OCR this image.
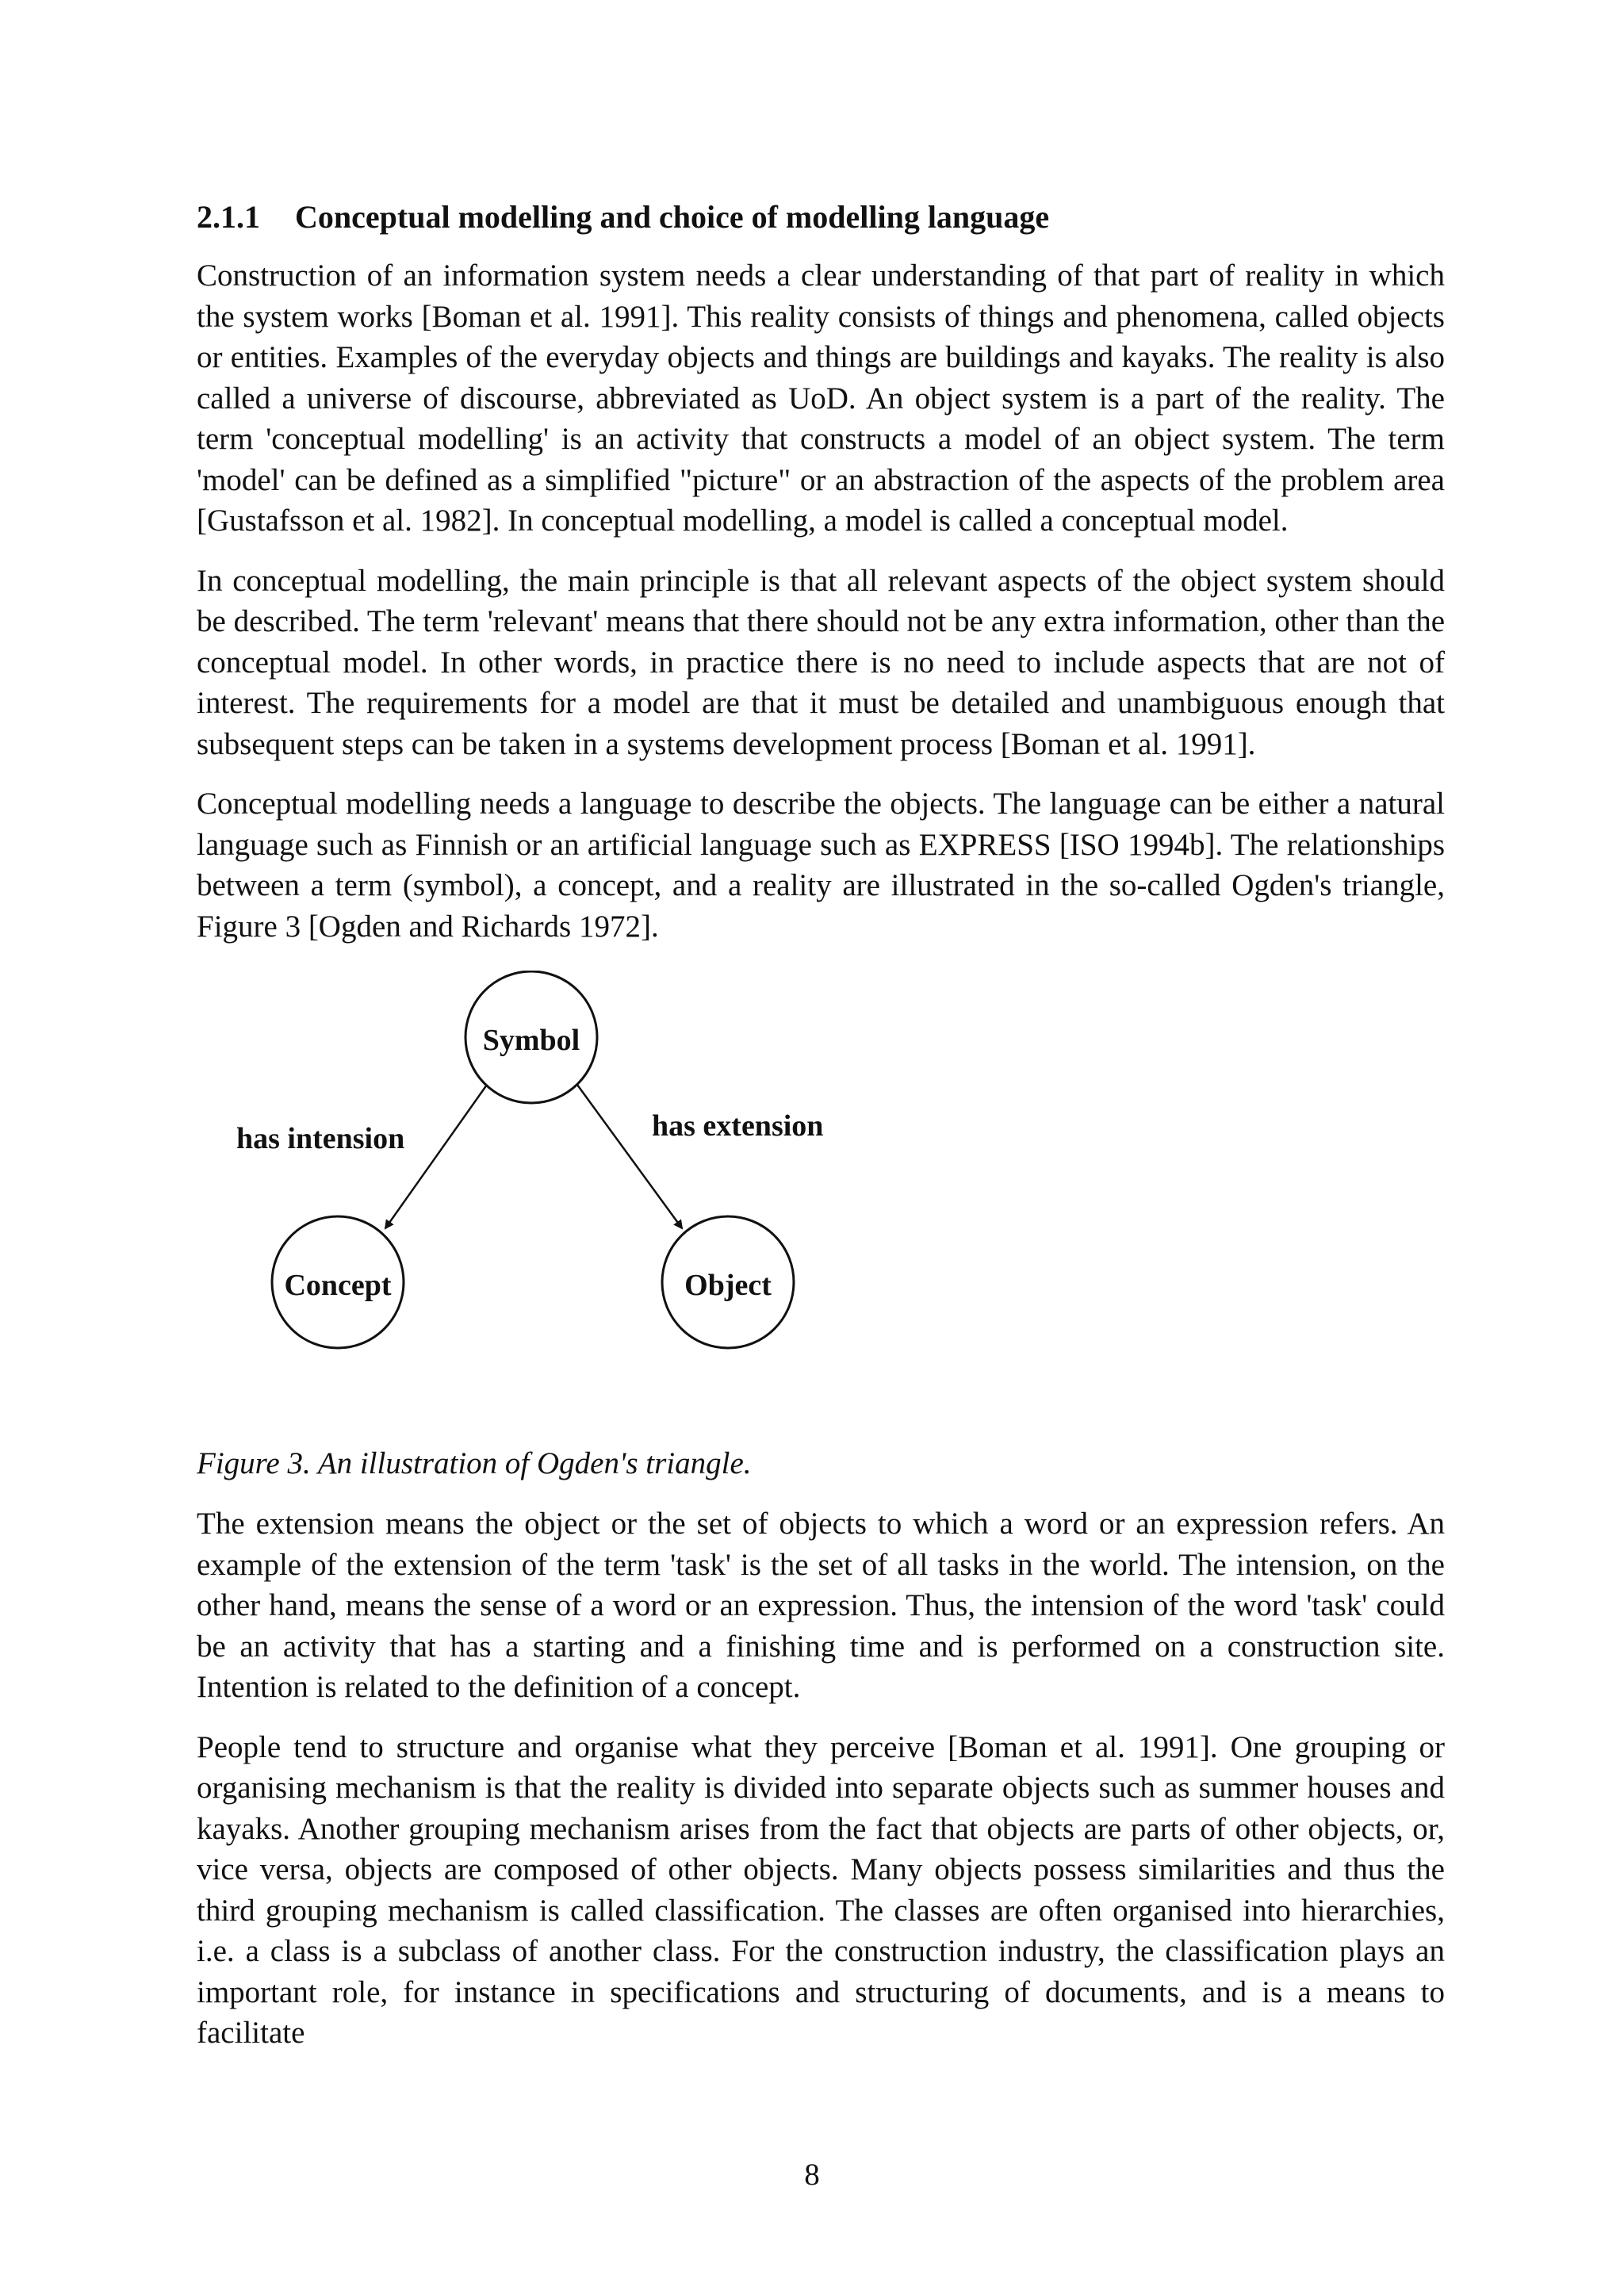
2.1.1 Conceptual modelling and choice of modelling language

Construction of an information system needs a clear understanding of that part of reality in which the system works [Boman et al. 1991]. This reality consists of things and phenomena, called objects or entities. Examples of the everyday objects and things are buildings and kayaks. The reality is also called a universe of discourse, abbreviated as UoD. An object system is a part of the reality. The term 'conceptual modelling' is an activity that constructs a model of an object system. The term 'model' can be defined as a simplified "picture" or an abstraction of the aspects of the problem area [Gustafsson et al. 1982]. In conceptual modelling, a model is called a conceptual model.

In conceptual modelling, the main principle is that all relevant aspects of the object system should be described. The term 'relevant' means that there should not be any extra information, other than the conceptual model. In other words, in practice there is no need to include aspects that are not of interest. The requirements for a model are that it must be detailed and unambiguous enough that subsequent steps can be taken in a systems development process [Boman et al. 1991].

Conceptual modelling needs a language to describe the objects. The language can be either a natural language such as Finnish or an artificial language such as EXPRESS [ISO 1994b]. The relationships between a term (symbol), a concept, and a reality are illustrated in the so-called Ogden's triangle, Figure 3 [Ogden and Richards 1972].

Symbol
Concept	Object
has intension	has extension
Figure 3. An illustration of Ogden's triangle.

The extension means the object or the set of objects to which a word or an expression refers. An example of the extension of the term 'task' is the set of all tasks in the world. The intension, on the other hand, means the sense of a word or an expression. Thus, the intension of the word 'task' could be an activity that has a starting and a finishing time and is performed on a construction site. Intention is related to the definition of a concept.

People tend to structure and organise what they perceive [Boman et al. 1991]. One grouping or organising mechanism is that the reality is divided into separate objects such as summer houses and kayaks. Another grouping mechanism arises from the fact that objects are parts of other objects, or, vice versa, objects are composed of other objects. Many objects possess similarities and thus the third grouping mechanism is called classification. The classes are often organised into hierarchies, i.e. a class is a subclass of another class. For the construction industry, the classification plays an important role, for instance in specifications and structuring of documents, and is a means to facilitate

8
